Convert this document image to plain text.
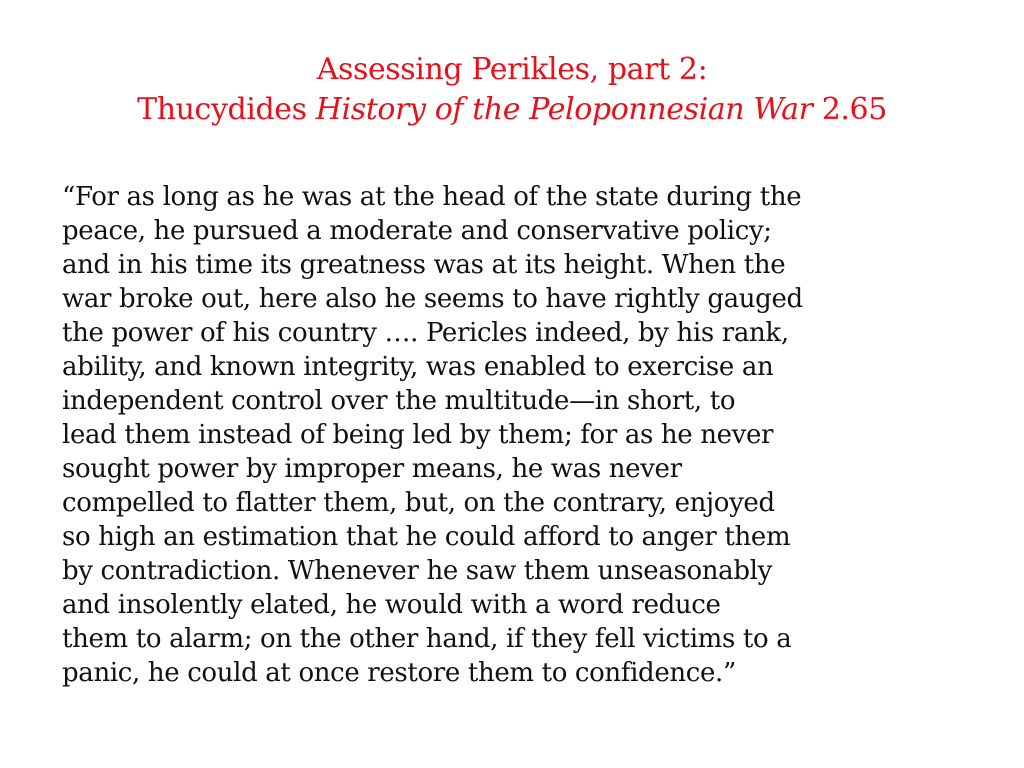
Assessing Perikles, part 2:
Thucydides History of the Peloponnesian War 2.65
“For as long as he was at the head of the state during the
peace, he pursued a moderate and conservative policy;
and in his time its greatness was at its height. When the
war broke out, here also he seems to have rightly gauged
the power of his country …. Pericles indeed, by his rank,
ability, and known integrity, was enabled to exercise an
independent control over the multitude—in short, to
lead them instead of being led by them; for as he never
sought power by improper means, he was never
compelled to flatter them, but, on the contrary, enjoyed
so high an estimation that he could afford to anger them
by contradiction. Whenever he saw them unseasonably
and insolently elated, he would with a word reduce
them to alarm; on the other hand, if they fell victims to a
panic, he could at once restore them to confidence.”
